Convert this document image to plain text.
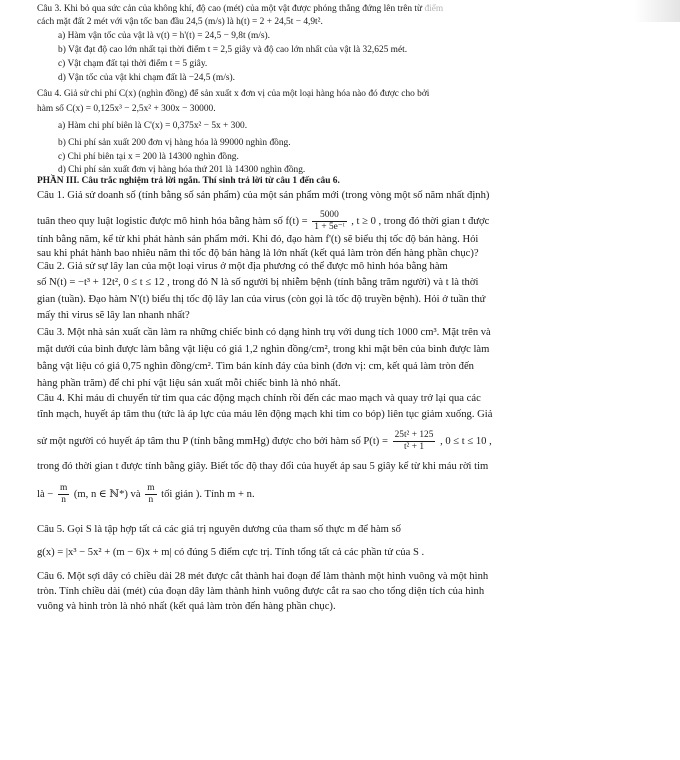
Câu 3. Khi bỏ qua sức cản của không khí, độ cao (mét) của một vật được phóng thẳng đứng lên trên từ điểm
cách mặt đất 2 mét với vận tốc ban đầu 24,5 (m/s) là h(t) = 2 + 24,5t − 4,9t².
a) Hàm vận tốc của vật là v(t) = h'(t) = 24,5 − 9,8t (m/s).
b) Vật đạt độ cao lớn nhất tại thời điểm t = 2,5 giây và độ cao lớn nhất của vật là 32,625 mét.
c) Vật chạm đất tại thời điểm t = 5 giây.
d) Vận tốc của vật khi chạm đất là −24,5 (m/s).
Câu 4. Giả sử chi phí C(x) (nghìn đồng) để sản xuất x đơn vị của một loại hàng hóa nào đó được cho bởi
hàm số C(x) = 0,125x³ − 2,5x² + 300x − 30000.
a) Hàm chi phí biên là C'(x) = 0,375x² − 5x + 300.
b) Chi phí sản xuất 200 đơn vị hàng hóa là 99000 nghìn đồng.
c) Chi phí biên tại x = 200 là 14300 nghìn đồng.
d) Chi phí sản xuất đơn vị hàng hóa thứ 201 là 14300 nghìn đồng.
PHẦN III. Câu trắc nghiệm trả lời ngắn. Thí sinh trả lời từ câu 1 đến câu 6.
Câu 1. Giả sử doanh số (tính bằng số sản phẩm) của một sản phẩm mới (trong vòng một số năm nhất định)
tuân theo quy luật logistic được mô hình hóa bằng hàm số $f(t) = \frac{5000}{\text{1 + 5e⁻ᵗ}}$ , t ≥ 0 , trong đó thời gian t được
tính bằng năm, kể từ khi phát hành sản phẩm mới. Khi đó, đạo hàm f'(t) sẽ biểu thị tốc độ bán hàng. Hỏi
sau khi phát hành bao nhiêu năm thì tốc độ bán hàng là lớn nhất (kết quả làm tròn đến hàng phần chục)?
Câu 2. Giả sử sự lây lan của một loại virus ở một địa phương có thể được mô hình hóa bằng hàm
số N(t) = −t³ + 12t², 0 ≤ t ≤ 12 , trong đó N là số người bị nhiễm bệnh (tính bằng trăm người) và t là thời
gian (tuần). Đạo hàm N'(t) biểu thị tốc độ lây lan của virus (còn gọi là tốc độ truyền bệnh). Hỏi ở tuần thứ
mấy thì virus sẽ lây lan nhanh nhất?
Câu 3. Một nhà sản xuất cần làm ra những chiếc bình có dạng hình trụ với dung tích 1000 cm³. Mặt trên và
mặt dưới của bình được làm bằng vật liệu có giá 1,2 nghìn đồng/cm², trong khi mặt bên của bình được làm
bằng vật liệu có giá 0,75 nghìn đồng/cm². Tìm bán kính đáy của bình (đơn vị: cm, kết quả làm tròn đến
hàng phần trăm) để chi phí vật liệu sản xuất mỗi chiếc bình là nhỏ nhất.
Câu 4. Khi máu di chuyển từ tim qua các động mạch chính rồi đến các mao mạch và quay trở lại qua các
tĩnh mạch, huyết áp tâm thu (tức là áp lực của máu lên động mạch khi tim co bóp) liên tục giảm xuống. Giả
sử một người có huyết áp tâm thu P (tính bằng mmHg) được cho bởi hàm số $P(t) = \frac{\text{25t² + 125}}{\text{t² + 1}}$ , 0 ≤ t ≤ 10 ,
trong đó thời gian t được tính bằng giây. Biết tốc độ thay đổi của huyết áp sau 5 giây kể từ khi máu rời tim
là − $\frac{m}{n} (m$, n ∈ ℕ*) và $\frac{m}{n}$ tối giản ). Tính m + n.
Câu 5. Gọi S là tập hợp tất cả các giá trị nguyên dương của tham số thực m để hàm số
g(x) = |x³ − 5x² + (m − 6)x + m| có đúng 5 điểm cực trị. Tính tổng tất cả các phần tử của S .
Câu 6. Một sợi dây có chiều dài 28 mét được cắt thành hai đoạn để làm thành một hình vuông và một hình
tròn. Tính chiều dài (mét) của đoạn dây làm thành hình vuông được cắt ra sao cho tổng diện tích của hình
vuông và hình tròn là nhỏ nhất (kết quả làm tròn đến hàng phần chục).
